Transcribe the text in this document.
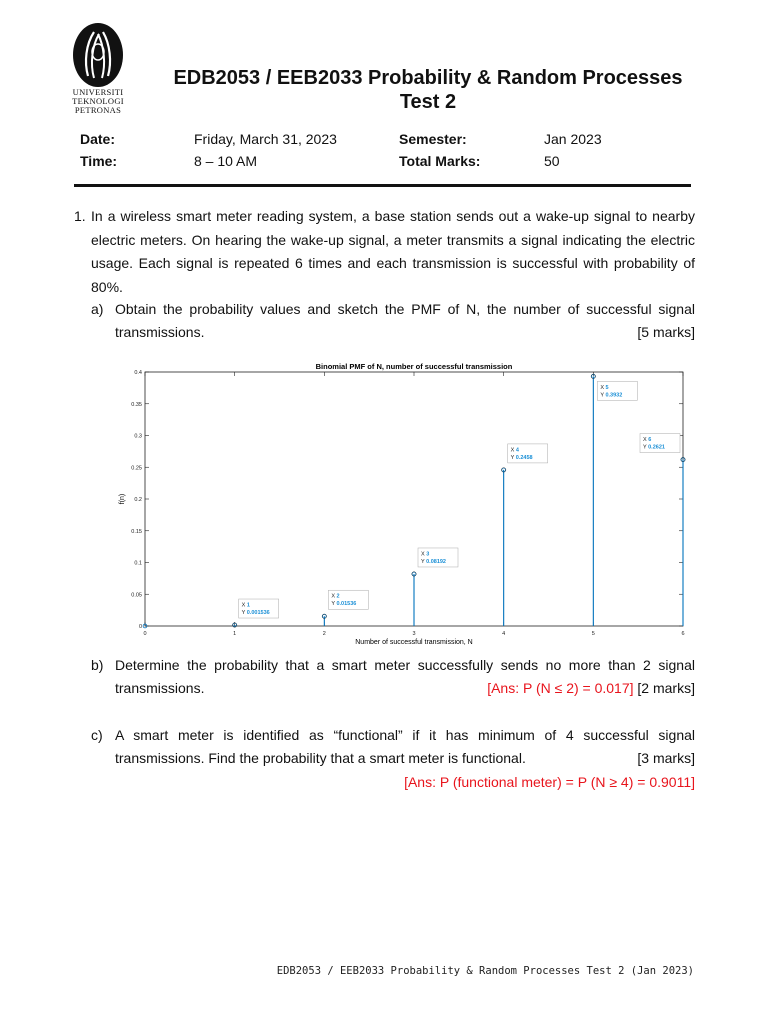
UNIVERSITI
TEKNOLOGI
PETRONAS
EDB2053 / EEB2033 Probability & Random Processes
Test 2
Date:	Friday, March 31, 2023	Semester:	Jan 2023
Time:	8 – 10 AM	Total Marks:	50
1. In a wireless smart meter reading system, a base station sends out a wake-up signal to nearby electric meters. On hearing the wake-up signal, a meter transmits a signal indicating the electric usage. Each signal is repeated 6 times and each transmission is successful with probability of 80%.
a) Obtain the probability values and sketch the PMF of N, the number of successful signal
transmissions.	[5 marks]
Binomial PMF of N, number of successful transmission
0
0.05
0.1
0.15
0.2
0.25
0.3
0.35
0.4
0	1	2	3	4	5	6
X 1
Y 0.001536
X 2
Y 0.01536
X 3
Y 0.08192
X 4
Y 0.2458
X 5
Y 0.3932
X 6
Y 0.2621
Number of successful transmission, N
f(n)
b) Determine the probability that a smart meter successfully sends no more than 2 signal
transmissions.	[Ans: P (N ≤ 2) = 0.017] [2 marks]
c) A smart meter is identified as “functional” if it has minimum of 4 successful signal
transmissions. Find the probability that a smart meter is functional.	[3 marks]
[Ans: P (functional meter) = P (N ≥ 4) = 0.9011]
EDB2053 / EEB2033 Probability & Random Processes Test 2 (Jan 2023)
